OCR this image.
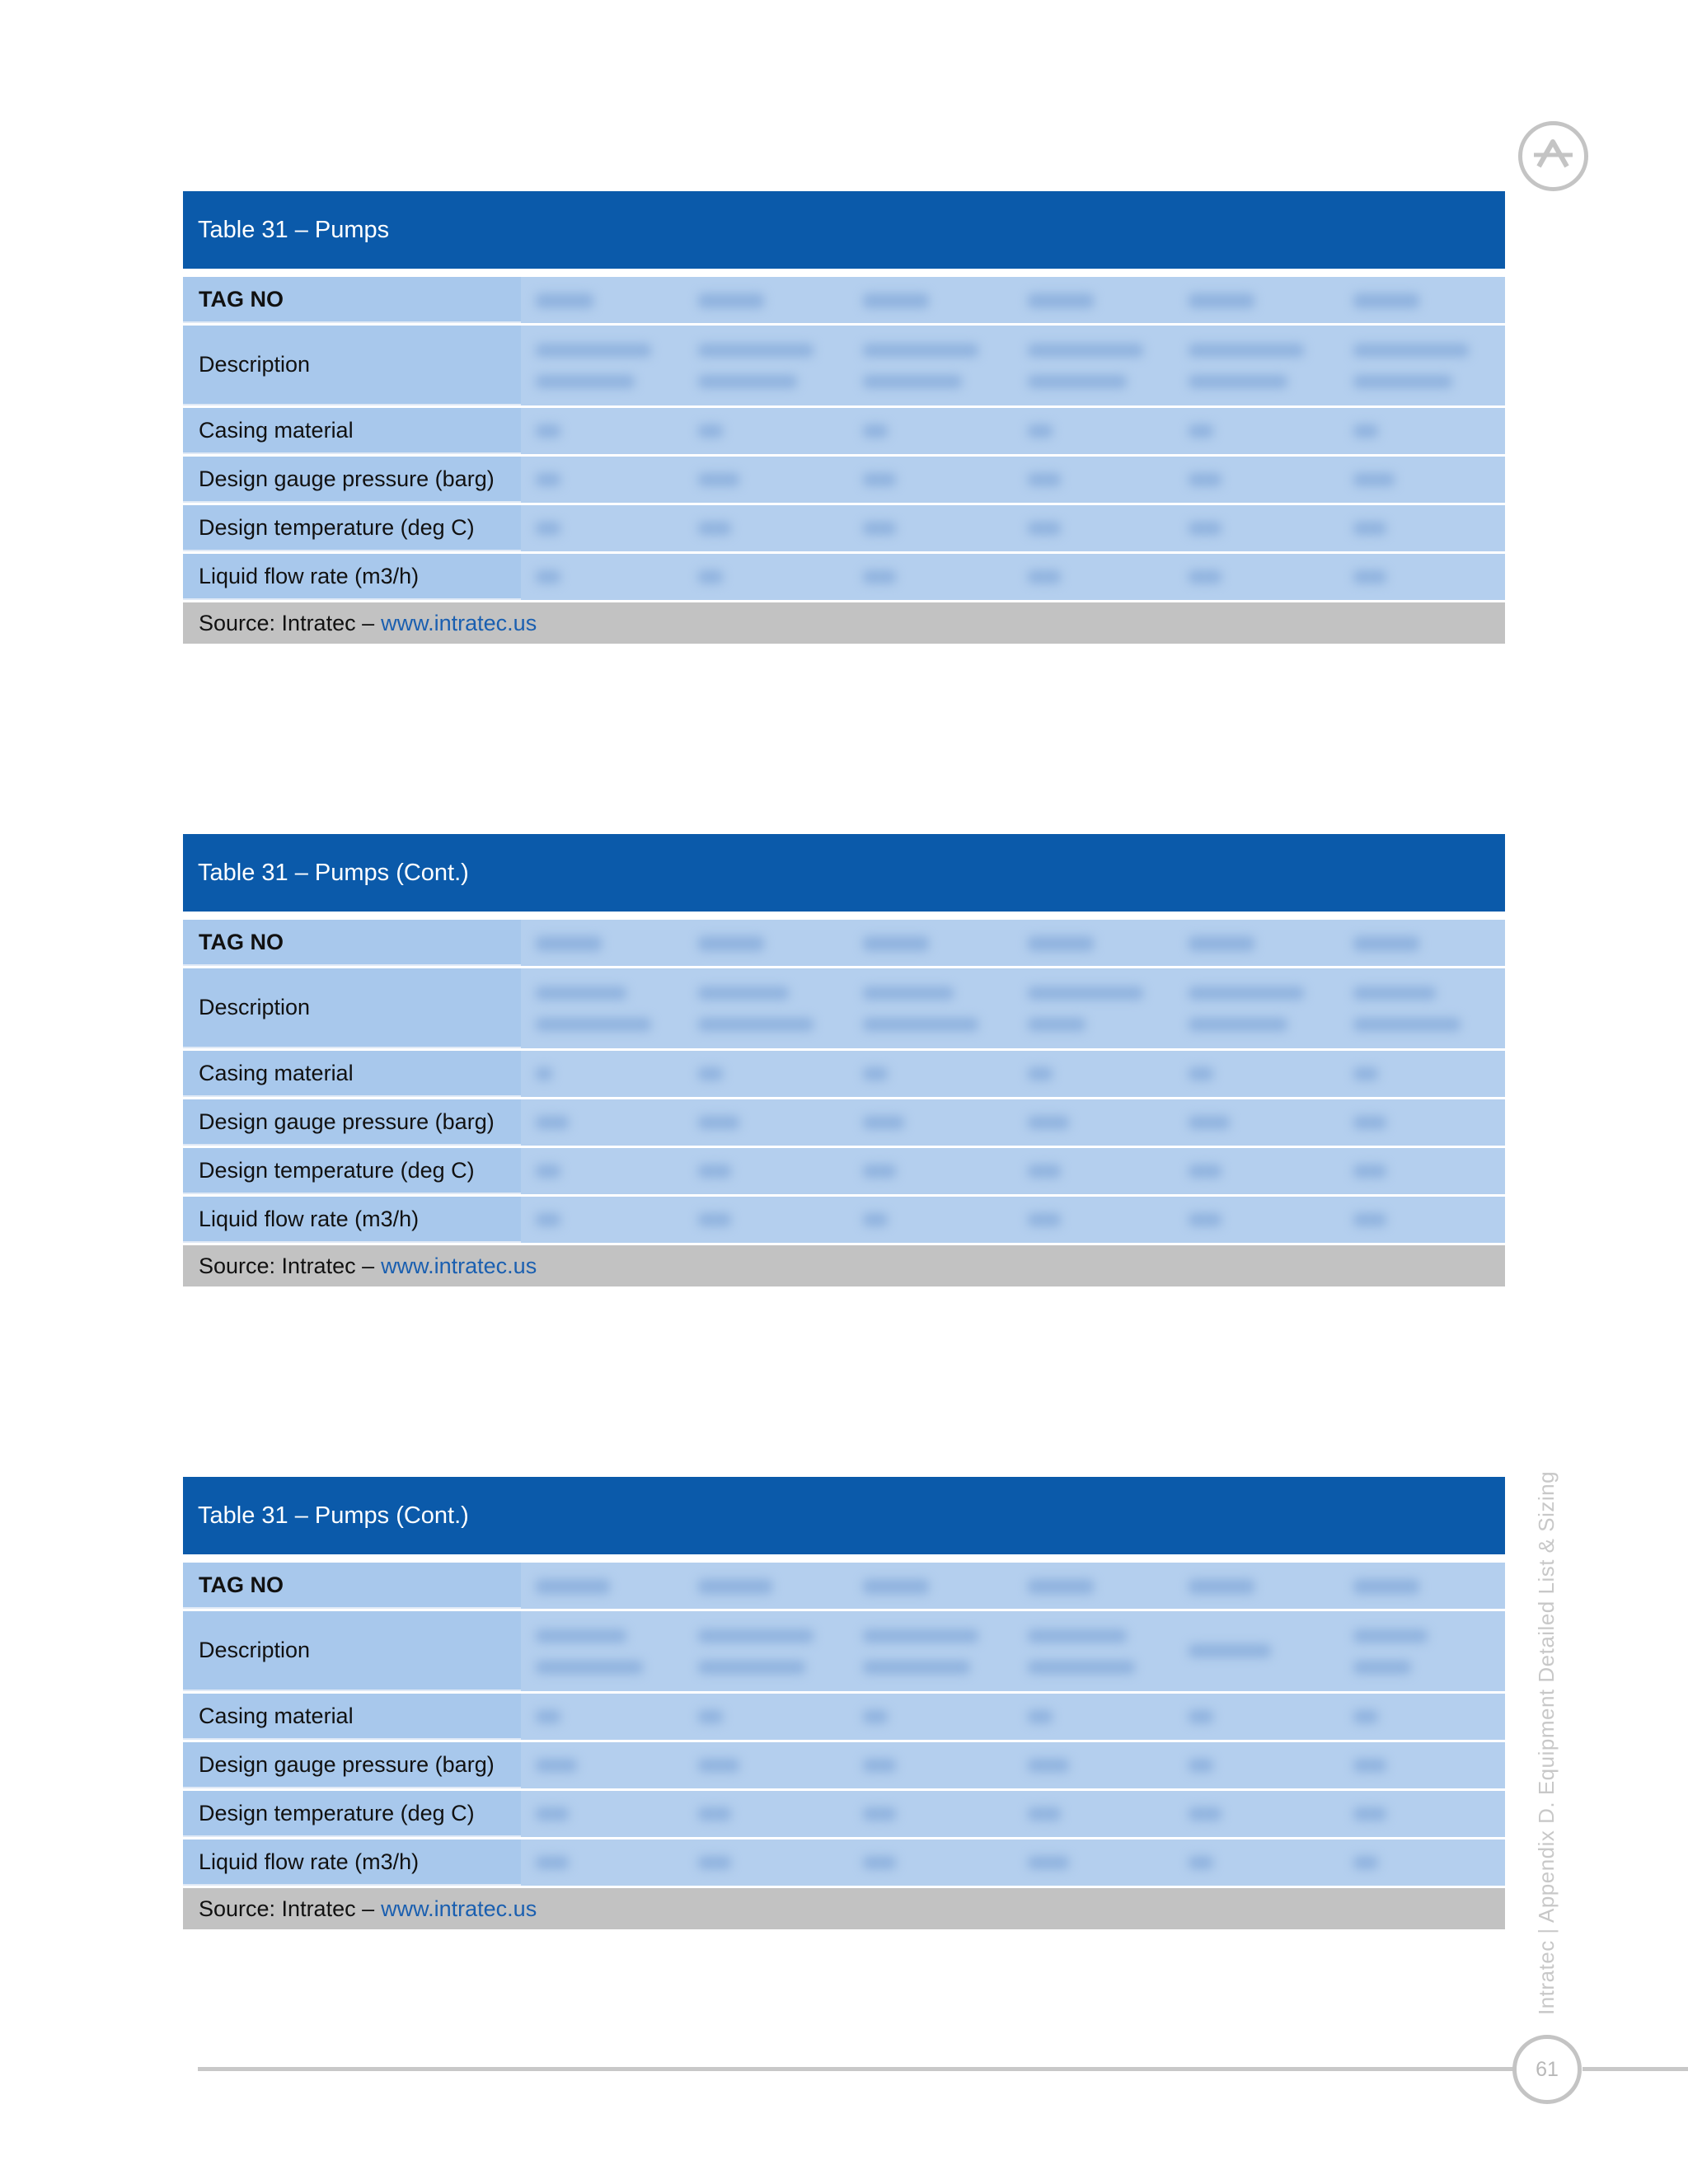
Intratec | Appendix D. Equipment Detailed List & Sizing
Table 31 – Pumps
TAG NO
Description
Casing material
Design gauge pressure (barg)
Design temperature (deg C)
Liquid flow rate (m3/h)
Source: Intratec – www.intratec.us
Table 31 – Pumps (Cont.)
TAG NO
Description
Casing material
Design gauge pressure (barg)
Design temperature (deg C)
Liquid flow rate (m3/h)
Source: Intratec – www.intratec.us
Table 31 – Pumps (Cont.)
TAG NO
Description
Casing material
Design gauge pressure (barg)
Design temperature (deg C)
Liquid flow rate (m3/h)
Source: Intratec – www.intratec.us
61
